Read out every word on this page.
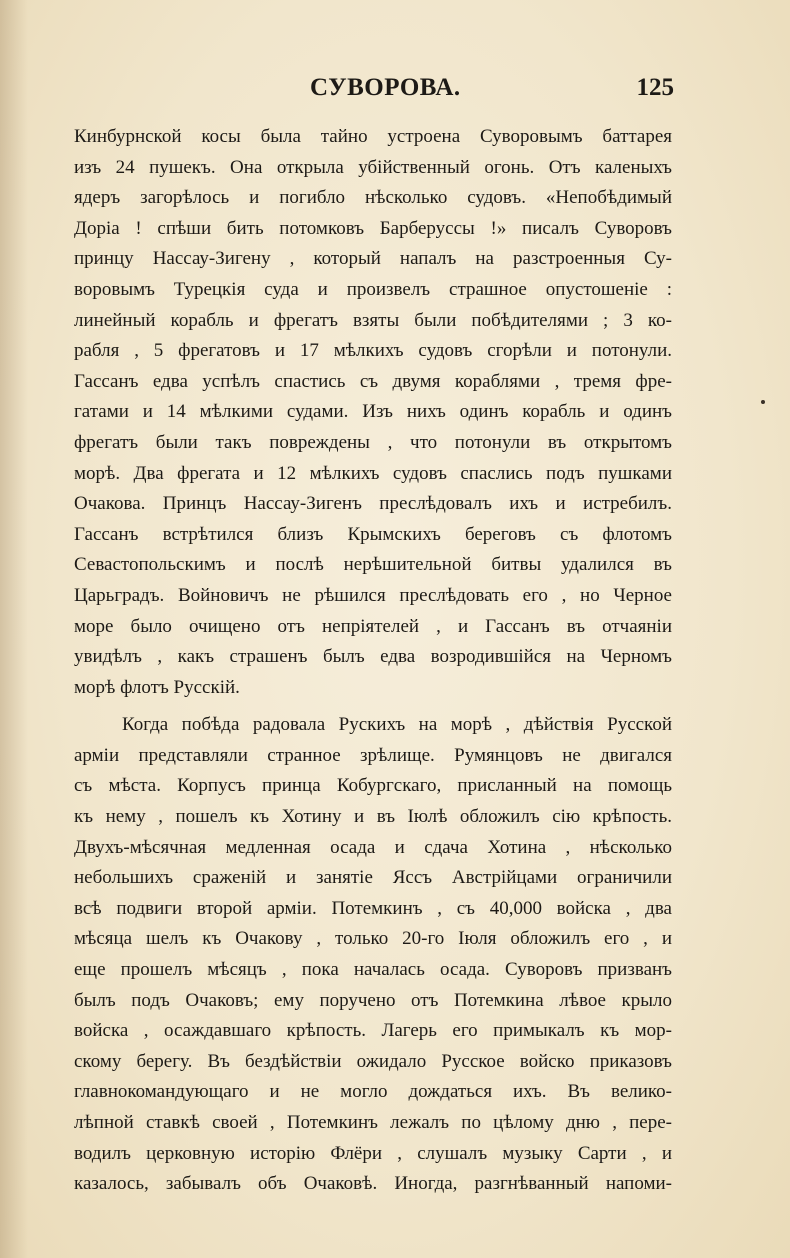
СУВОРОВА.	125
Кинбурнской косы была тайно устроена Суворовымъ баттарея
изъ 24 пушекъ. Она открыла убійственный огонь. Отъ каленыхъ
ядеръ загорѣлось и погибло нѣсколько судовъ. «Непобѣдимый
Доріа ! спѣши бить потомковъ Барберуссы !» писалъ Суворовъ
принцу Нассау-Зигену , который напалъ на разстроенныя Су-
воровымъ Турецкія суда и произвелъ страшное опустошеніе :
линейный корабль и фрегатъ взяты были побѣдителями ; 3 ко-
рабля , 5 фрегатовъ и 17 мѣлкихъ судовъ сгорѣли и потонули.
Гассанъ едва успѣлъ спастись съ двумя кораблями , тремя фре-
гатами и 14 мѣлкими судами. Изъ нихъ одинъ корабль и одинъ
фрегатъ были такъ повреждены , что потонули въ открытомъ
морѣ. Два фрегата и 12 мѣлкихъ судовъ спаслись подъ пушками
Очакова. Принцъ Нассау-Зигенъ преслѣдовалъ ихъ и истребилъ.
Гассанъ встрѣтился близъ Крымскихъ береговъ съ флотомъ
Севастопольскимъ и послѣ нерѣшительной битвы удалился въ
Царьградъ. Войновичъ не рѣшился преслѣдовать его , но Черное
море было очищено отъ непріятелей , и Гассанъ въ отчаяніи
увидѣлъ , какъ страшенъ былъ едва возродившійся на Черномъ
морѣ флотъ Русскій.
Когда побѣда радовала Рускихъ на морѣ , дѣйствія Русской
арміи представляли странное зрѣлище. Румянцовъ не двигался
съ мѣста. Корпусъ принца Кобургскаго, присланный на помощь
къ нему , пошелъ къ Хотину и въ Іюлѣ обложилъ сію крѣпость.
Двухъ-мѣсячная медленная осада и сдача Хотина , нѣсколько
небольшихъ сраженій и занятіе Яссъ Австрійцами ограничили
всѣ подвиги второй арміи. Потемкинъ , съ 40,000 войска , два
мѣсяца шелъ къ Очакову , только 20-го Іюля обложилъ его , и
еще прошелъ мѣсяцъ , пока началась осада. Суворовъ призванъ
былъ подъ Очаковъ; ему поручено отъ Потемкина лѣвое крыло
войска , осаждавшаго крѣпость. Лагерь его примыкалъ къ мор-
скому берегу. Въ бездѣйствіи ожидало Русское войско приказовъ
главнокомандующаго и не могло дождаться ихъ. Въ велико-
лѣпной ставкѣ своей , Потемкинъ лежалъ по цѣлому дню , пере-
водилъ церковную исторію Флёри , слушалъ музыку Сарти , и
казалось, забывалъ объ Очаковѣ. Иногда, разгнѣванный напоми-
